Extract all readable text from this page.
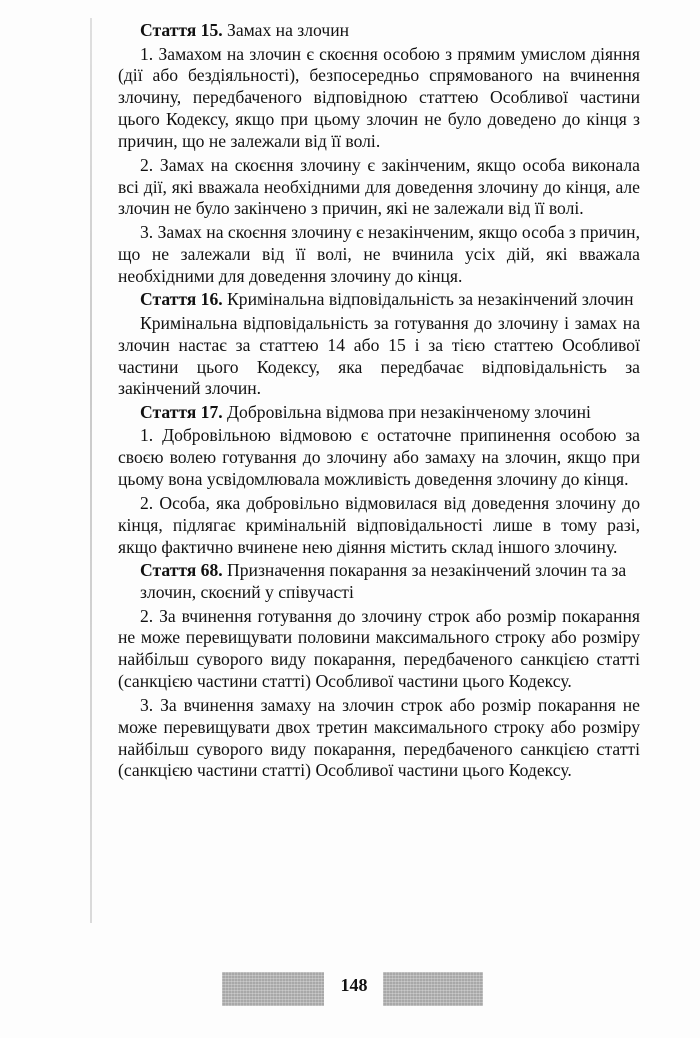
Стаття 15. Замах на злочин

1. Замахом на злочин є скоєння особою з прямим умислом діяння (дії або бездіяльності), безпосередньо спрямованого на вчинення злочину, передбаченого відповідною статтею Особливої частини цього Кодексу, якщо при цьому злочин не було доведено до кінця з причин, що не залежали від її волі.

2. Замах на скоєння злочину є закінченим, якщо особа виконала всі дії, які вважала необхідними для доведення злочину до кінця, але злочин не було закінчено з причин, які не залежали від її волі.

3. Замах на скоєння злочину є незакінченим, якщо особа з причин, що не залежали від її волі, не вчинила усіх дій, які вважала необхідними для доведення злочину до кінця.

Стаття 16. Кримінальна відповідальність за незакінчений злочин

Кримінальна відповідальність за готування до злочину і замах на злочин настає за статтею 14 або 15 і за тією статтею Особливої частини цього Кодексу, яка передбачає відповідальність за закінчений злочин.

Стаття 17. Добровільна відмова при незакінченому злочині

1. Добровільною відмовою є остаточне припинення особою за своєю волею готування до злочину або замаху на злочин, якщо при цьому вона усвідомлювала можливість доведення злочину до кінця.

2. Особа, яка добровільно відмовилася від доведення злочину до кінця, підлягає кримінальній відповідальності лише в тому разі, якщо фактично вчинене нею діяння містить склад іншого злочину.

Стаття 68. Призначення покарання за незакінчений злочин та за злочин, скоєний у співучасті

2. За вчинення готування до злочину строк або розмір покарання не може перевищувати половини максимального строку або розміру найбільш суворого виду покарання, передбаченого санкцією статті (санкцією частини статті) Особливої частини цього Кодексу.

3. За вчинення замаху на злочин строк або розмір покарання не може перевищувати двох третин максимального строку або розміру найбільш суворого виду покарання, передбаченого санкцією статті (санкцією частини статті) Особливої частини цього Кодексу.

148
